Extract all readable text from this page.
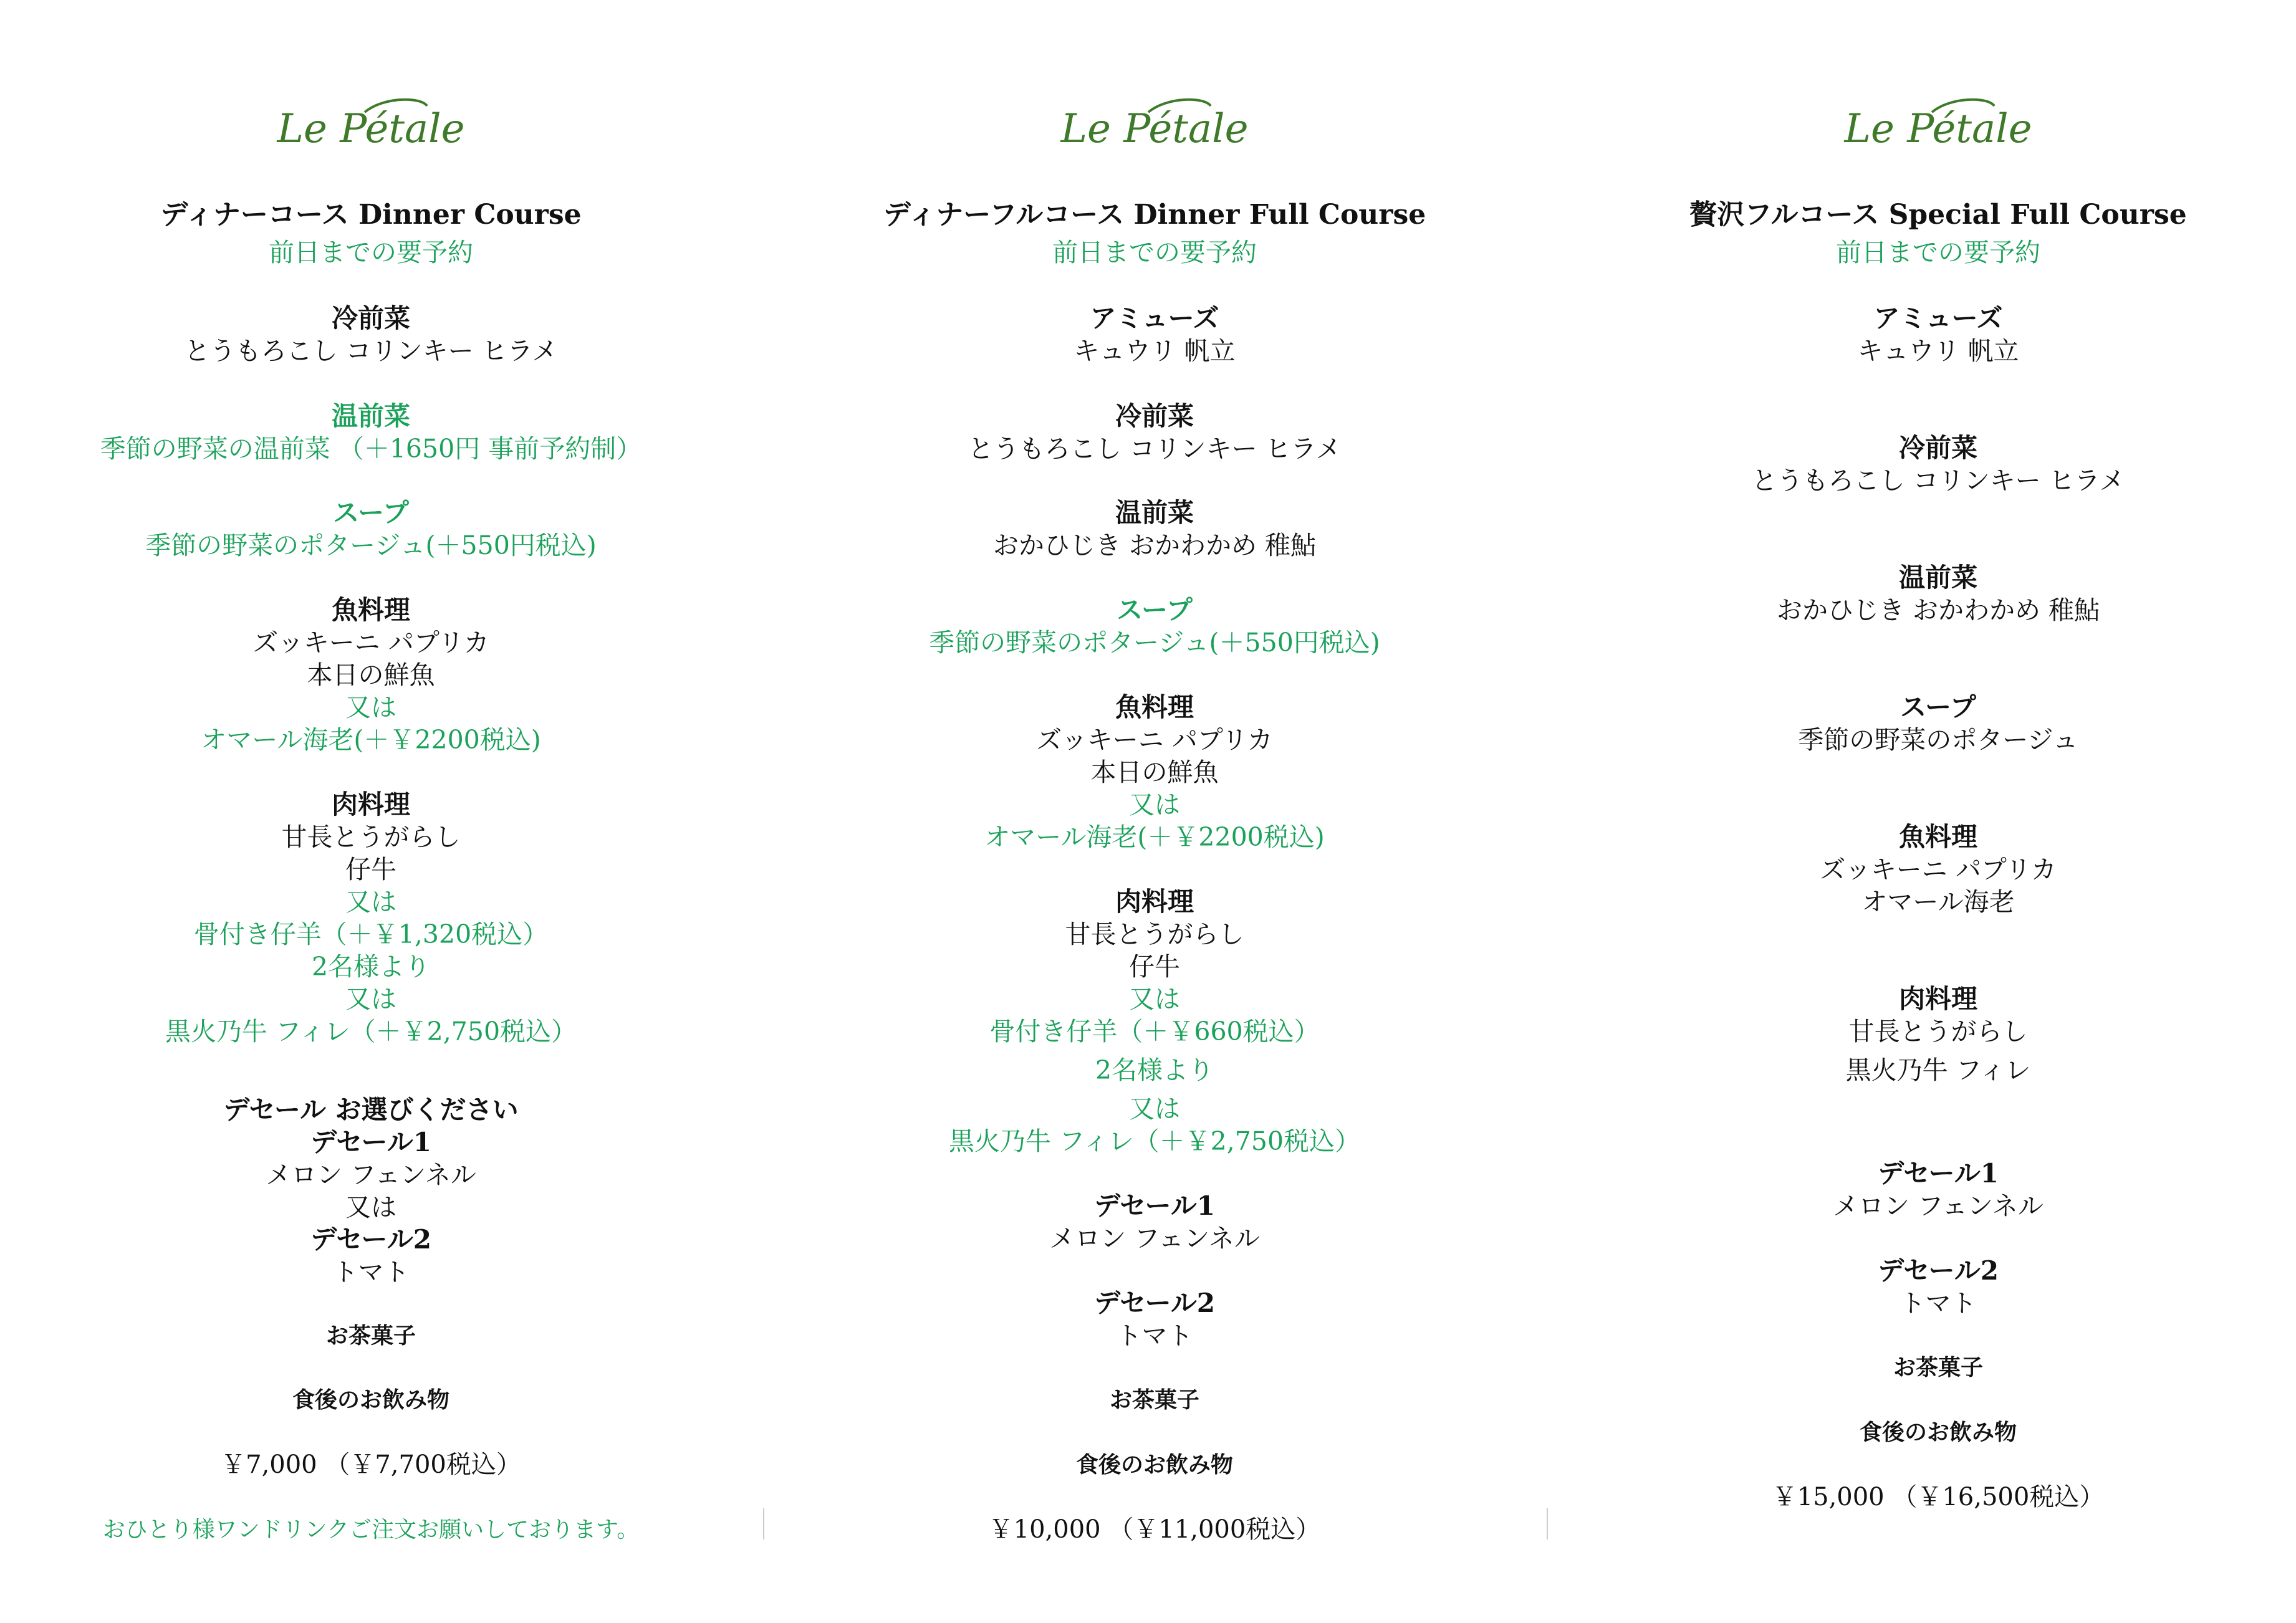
Le Pétale
ディナーコース Dinner Course
前日までの要予約
冷前菜
とうもろこし コリンキー ヒラメ
温前菜
季節の野菜の温前菜 （＋1650円 事前予約制）
スープ
季節の野菜のポタージュ(＋550円税込)
魚料理
ズッキーニ パプリカ
本日の鮮魚
又は
オマール海老(＋￥2200税込)
肉料理
甘長とうがらし
仔牛
又は
骨付き仔羊（＋￥1,320税込）
2名様より
又は
黒火乃牛 フィレ（＋￥2,750税込）
デセール お選びください
デセール1
メロン フェンネル
又は
デセール2
トマト
お茶菓子
食後のお飲み物
￥7,000 （￥7,700税込）
おひとり様ワンドリンクご注文お願いしております。
Le Pétale
ディナーフルコース Dinner Full Course
前日までの要予約
アミューズ
キュウリ 帆立
冷前菜
とうもろこし コリンキー ヒラメ
温前菜
おかひじき おかわかめ 稚鮎
スープ
季節の野菜のポタージュ(＋550円税込)
魚料理
ズッキーニ パプリカ
本日の鮮魚
又は
オマール海老(＋￥2200税込)
肉料理
甘長とうがらし
仔牛
又は
骨付き仔羊（＋￥660税込）
2名様より
又は
黒火乃牛 フィレ（＋￥2,750税込）
デセール1
メロン フェンネル
デセール2
トマト
お茶菓子
食後のお飲み物
￥10,000 （￥11,000税込）
Le Pétale
贅沢フルコース Special Full Course
前日までの要予約
アミューズ
キュウリ 帆立
冷前菜
とうもろこし コリンキー ヒラメ
温前菜
おかひじき おかわかめ 稚鮎
スープ
季節の野菜のポタージュ
魚料理
ズッキーニ パプリカ
オマール海老
肉料理
甘長とうがらし
黒火乃牛 フィレ
デセール1
メロン フェンネル
デセール2
トマト
お茶菓子
食後のお飲み物
￥15,000 （￥16,500税込）
